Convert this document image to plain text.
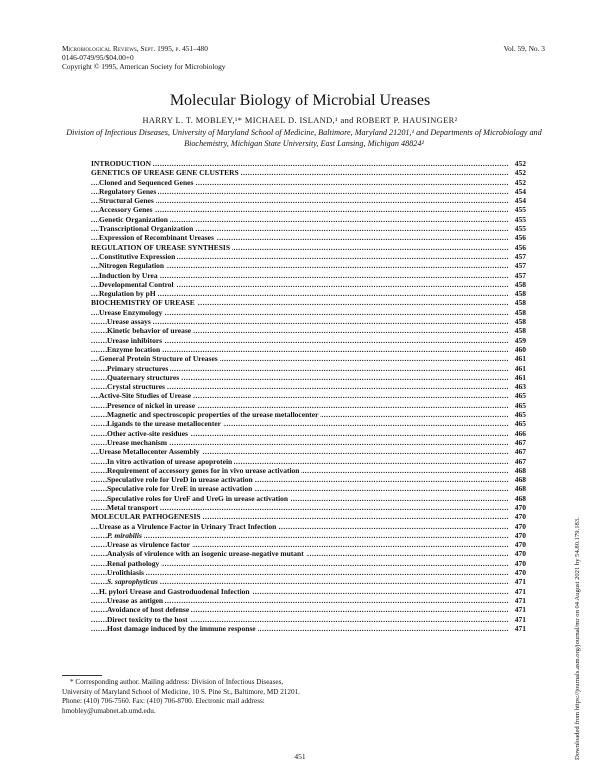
Microbiological Reviews, Sept. 1995, p. 451–480
0146-0749/95/$04.00+0
Copyright © 1995, American Society for Microbiology
Vol. 59, No. 3
Molecular Biology of Microbial Ureases
HARRY L. T. MOBLEY,¹* MICHAEL D. ISLAND,¹ and ROBERT P. HAUSINGER²
Division of Infectious Diseases, University of Maryland School of Medicine, Baltimore, Maryland 21201,¹ and Departments of Microbiology and Biochemistry, Michigan State University, East Lansing, Michigan 48824²
..... INTRODUCTION	452
..... GENETICS OF UREASE GENE CLUSTERS	452
..... Cloned and Sequenced Genes	452
..... Regulatory Genes	454
..... Structural Genes	454
..... Accessory Genes	455
..... Genetic Organization	455
..... Transcriptional Organization	455
..... Expression of Recombinant Ureases	456
..... REGULATION OF UREASE SYNTHESIS	456
..... Constitutive Expression	457
..... Nitrogen Regulation	457
..... Induction by Urea	457
..... Developmental Control	458
..... Regulation by pH	458
..... BIOCHEMISTRY OF UREASE	458
..... Urease Enzymology	458
..... Urease assays	458
..... Kinetic behavior of urease	458
..... Urease inhibitors	459
..... Enzyme location	460
..... General Protein Structure of Ureases	461
..... Primary structures	461
..... Quaternary structures	461
..... Crystal structures	463
..... Active-Site Studies of Urease	465
..... Presence of nickel in urease	465
..... Magnetic and spectroscopic properties of the urease metallocenter	465
..... Ligands to the urease metallocenter	465
..... Other active-site residues	466
..... Urease mechanism	467
..... Urease Metallocenter Assembly	467
..... In vitro activation of urease apoprotein	467
..... Requirement of accessory genes for in vivo urease activation	468
..... Speculative role for UreD in urease activation	468
..... Speculative role for UreE in urease activation	468
..... Speculative roles for UreF and UreG in urease activation	468
..... Metal transport	470
..... MOLECULAR PATHOGENESIS	470
..... Urease as a Virulence Factor in Urinary Tract Infection	470
..... P. mirabilis	470
..... Urease as virulence factor	470
..... Analysis of virulence with an isogenic urease-negative mutant	470
..... Renal pathology	470
..... Urolithiasis	470
..... S. saprophyticus	471
..... H. pylori Urease and Gastroduodenal Infection	471
..... Urease as antigen	471
..... Avoidance of host defense	471
..... Direct toxicity to the host	471
..... Host damage induced by the immune response	471
* Corresponding author. Mailing address: Division of Infectious Diseases, University of Maryland School of Medicine, 10 S. Pine St., Baltimore, MD 21201. Phone: (410) 706-7560. Fax: (410) 706-8700. Electronic mail address: hmobley@umabnet.ab.umd.edu.
451	Downloaded from https://journals.asm.org/journal/mr on 04 August 2021 by 54.80.179.183.
